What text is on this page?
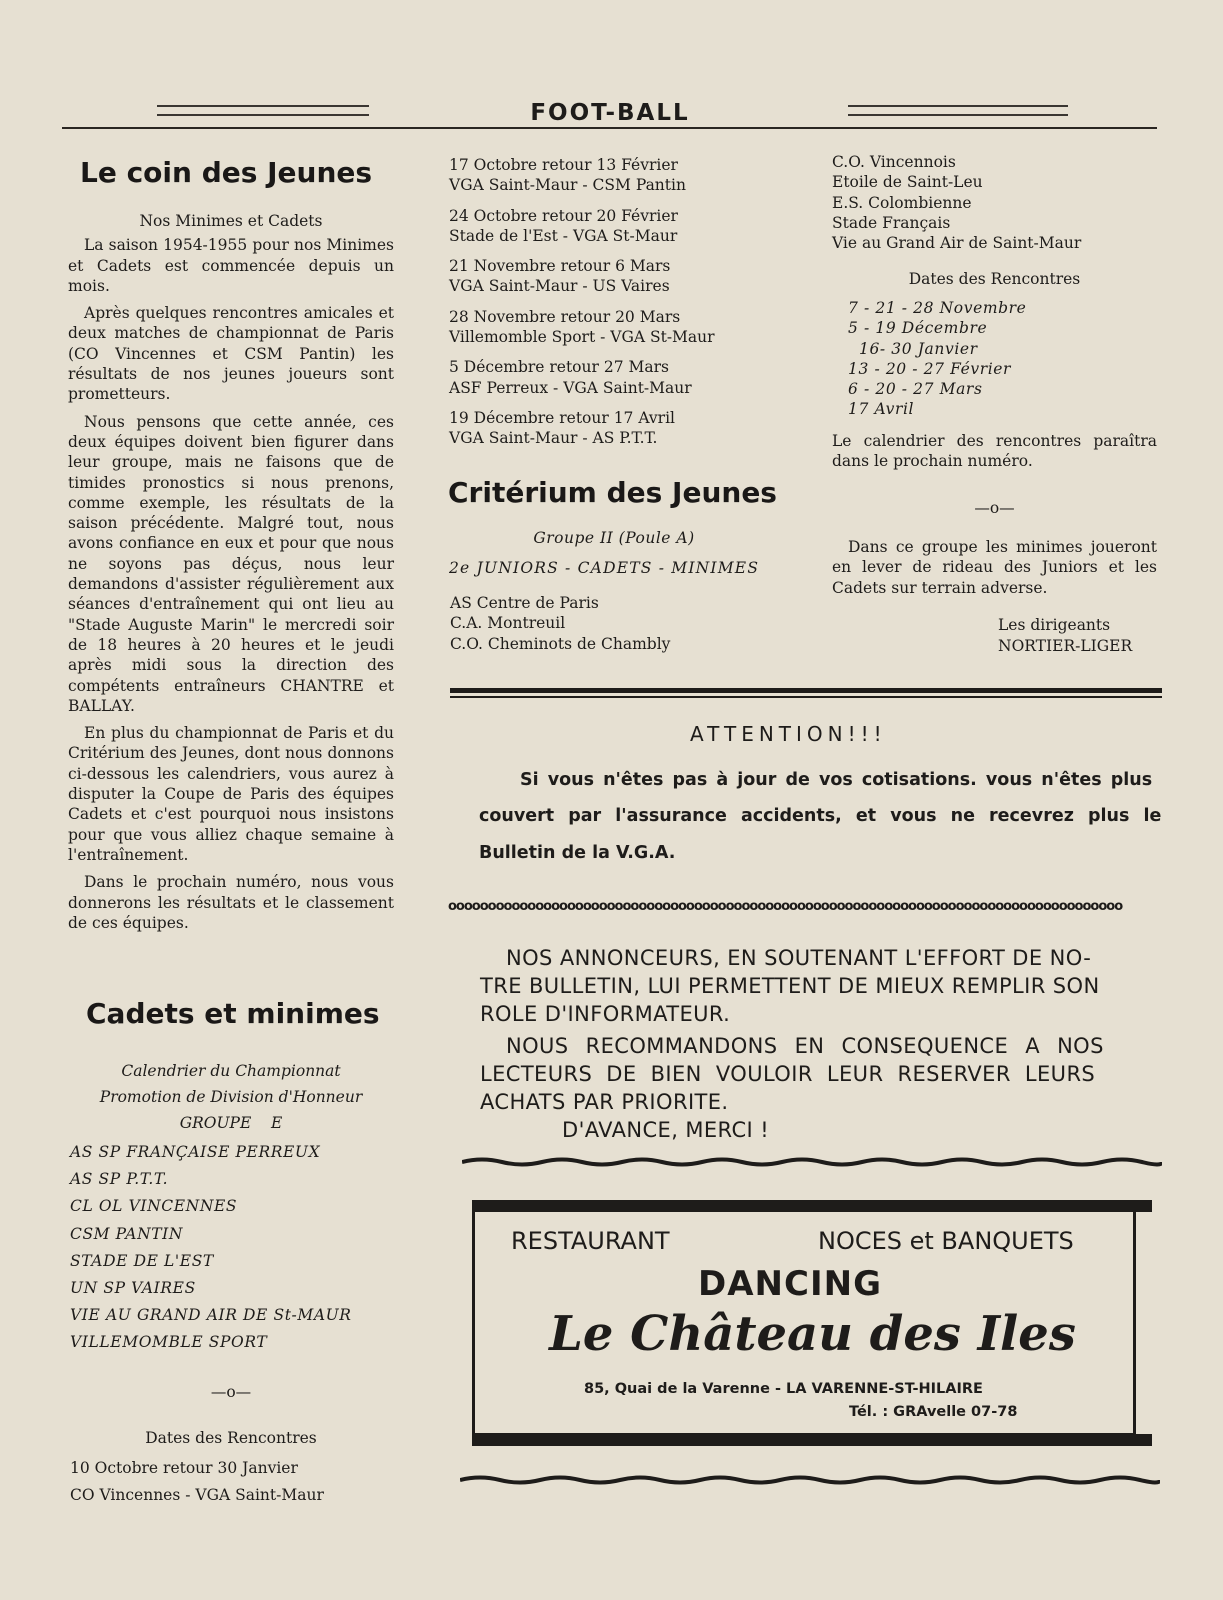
FOOT-BALL
Le coin des Jeunes
Nos Minimes et Cadets

La saison 1954-1955 pour nos Minimes et Cadets est commencée depuis un mois.

Après quelques rencontres amicales et deux matches de championnat de Paris (CO Vincennes et CSM Pantin) les résultats de nos jeunes joueurs sont prometteurs.

Nous pensons que cette année, ces deux équipes doivent bien figurer dans leur groupe, mais ne faisons que de timides pronostics si nous prenons, comme exemple, les résultats de la saison précédente. Malgré tout, nous avons confiance en eux et pour que nous ne soyons pas déçus, nous leur demandons d'assister régulièrement aux séances d'entraînement qui ont lieu au "Stade Auguste Marin" le mercredi soir de 18 heures à 20 heures et le jeudi après midi sous la direction des compétents entraîneurs CHANTRE et BALLAY.

En plus du championnat de Paris et du Critérium des Jeunes, dont nous donnons ci-dessous les calendriers, vous aurez à disputer la Coupe de Paris des équipes Cadets et c'est pourquoi nous insistons pour que vous alliez chaque semaine à l'entraînement.

Dans le prochain numéro, nous vous donnerons les résultats et le classement de ces équipes.

Cadets et minimes
Calendrier du Championnat
Promotion de Division d'Honneur
GROUPE    E
AS SP FRANÇAISE PERREUX
AS SP P.T.T.
CL OL VINCENNES
CSM PANTIN
STADE DE L'EST
UN SP VAIRES
VIE AU GRAND AIR DE St-MAUR
VILLEMOMBLE SPORT
—o—
Dates des Rencontres
10 Octobre retour 30 Janvier
CO Vincennes - VGA Saint-Maur
17 Octobre retour 13 Février
VGA Saint-Maur - CSM Pantin
24 Octobre retour 20 Février
Stade de l'Est - VGA St-Maur
21 Novembre retour 6 Mars
VGA Saint-Maur - US Vaires
28 Novembre retour 20 Mars
Villemomble Sport - VGA St-Maur
5 Décembre retour 27 Mars
ASF Perreux - VGA Saint-Maur
19 Décembre retour 17 Avril
VGA Saint-Maur - AS P.T.T.
Critérium des Jeunes
Groupe II (Poule A)
2e JUNIORS - CADETS - MINIMES
AS Centre de Paris
C.A. Montreuil
C.O. Cheminots de Chambly
C.O. Vincennois
Etoile de Saint-Leu
E.S. Colombienne
Stade Français
Vie au Grand Air de Saint-Maur
Dates des Rencontres
7 - 21 - 28 Novembre
5 - 19 Décembre
16- 30 Janvier
13 - 20 - 27 Février
6 - 20 - 27 Mars
17 Avril

Le calendrier des rencontres paraîtra dans le prochain numéro.

—o—

Dans ce groupe les minimes joueront en lever de rideau des Juniors et les Cadets sur terrain adverse.

Les dirigeants
NORTIER-LIGER
ATTENTION!!!
Si vous n'êtes pas à jour de vos cotisations. vous n'êtes plus
couvert par l'assurance accidents, et vous ne recevrez plus le
Bulletin de la V.G.A.
ooooooooooooooooooooooooooooooooooooooooooooooooooooooooooooooooooooooooooooooooooooo
NOS ANNONCEURS, EN SOUTENANT L'EFFORT DE NO-
TRE BULLETIN, LUI PERMETTENT DE MIEUX REMPLIR SON
ROLE D'INFORMATEUR.
NOUS RECOMMANDONS EN CONSEQUENCE A NOS
LECTEURS DE BIEN VOULOIR LEUR RESERVER LEURS
ACHATS PAR PRIORITE.
D'AVANCE, MERCI !
RESTAURANT	NOCES et BANQUETS
DANCING
Le Château des Iles
85, Quai de la Varenne - LA VARENNE-ST-HILAIRE
Tél. : GRAvelle 07-78
